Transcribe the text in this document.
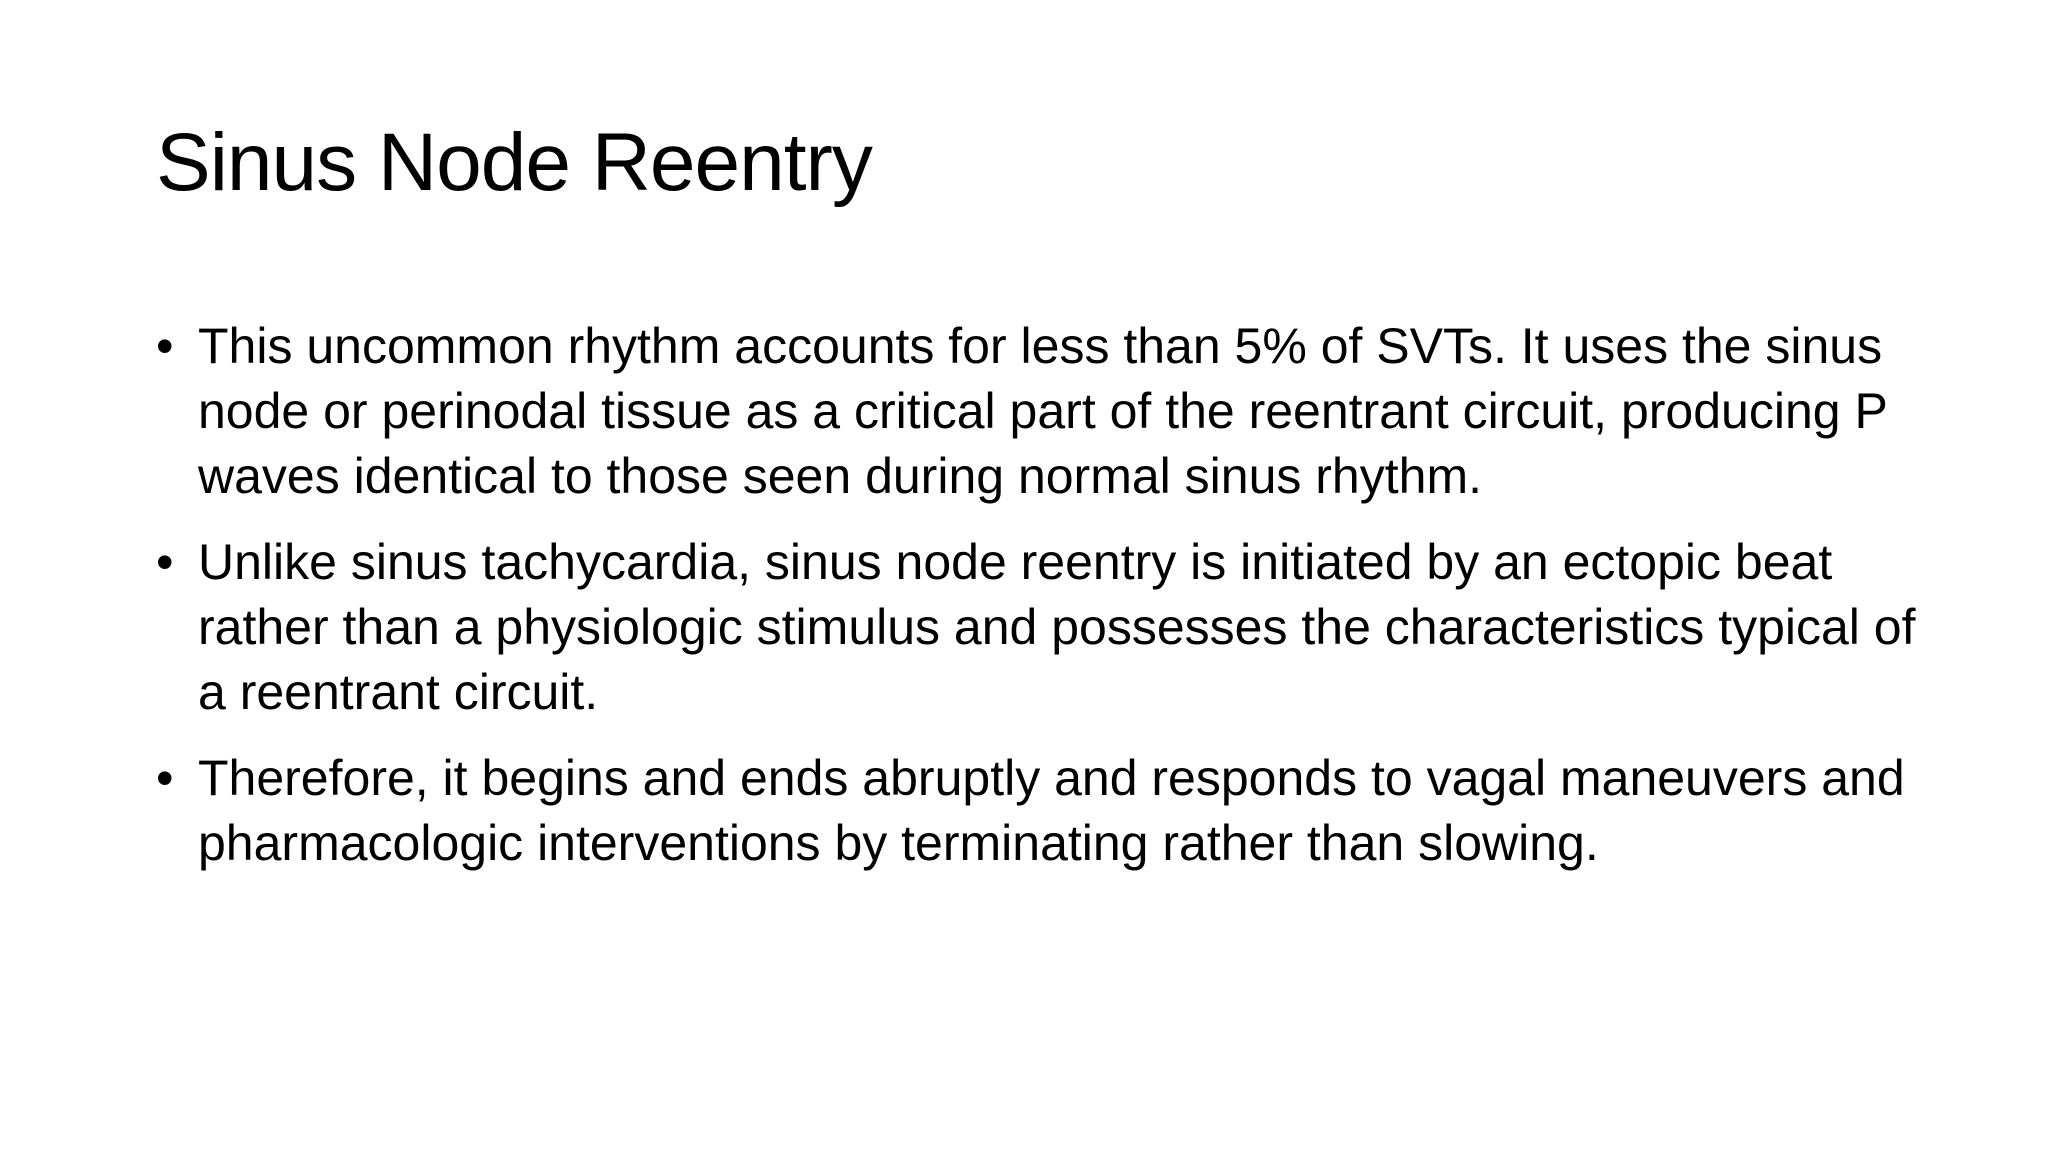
Sinus Node Reentry
• This uncommon rhythm accounts for less than 5% of SVTs. It uses the sinus node or perinodal tissue as a critical part of the reentrant circuit, producing P waves identical to those seen during normal sinus rhythm.
• Unlike sinus tachycardia, sinus node reentry is initiated by an ectopic beat rather than a physiologic stimulus and possesses the characteristics typical of a reentrant circuit.
• Therefore, it begins and ends abruptly and responds to vagal maneuvers and pharmacologic interventions by terminating rather than slowing.
